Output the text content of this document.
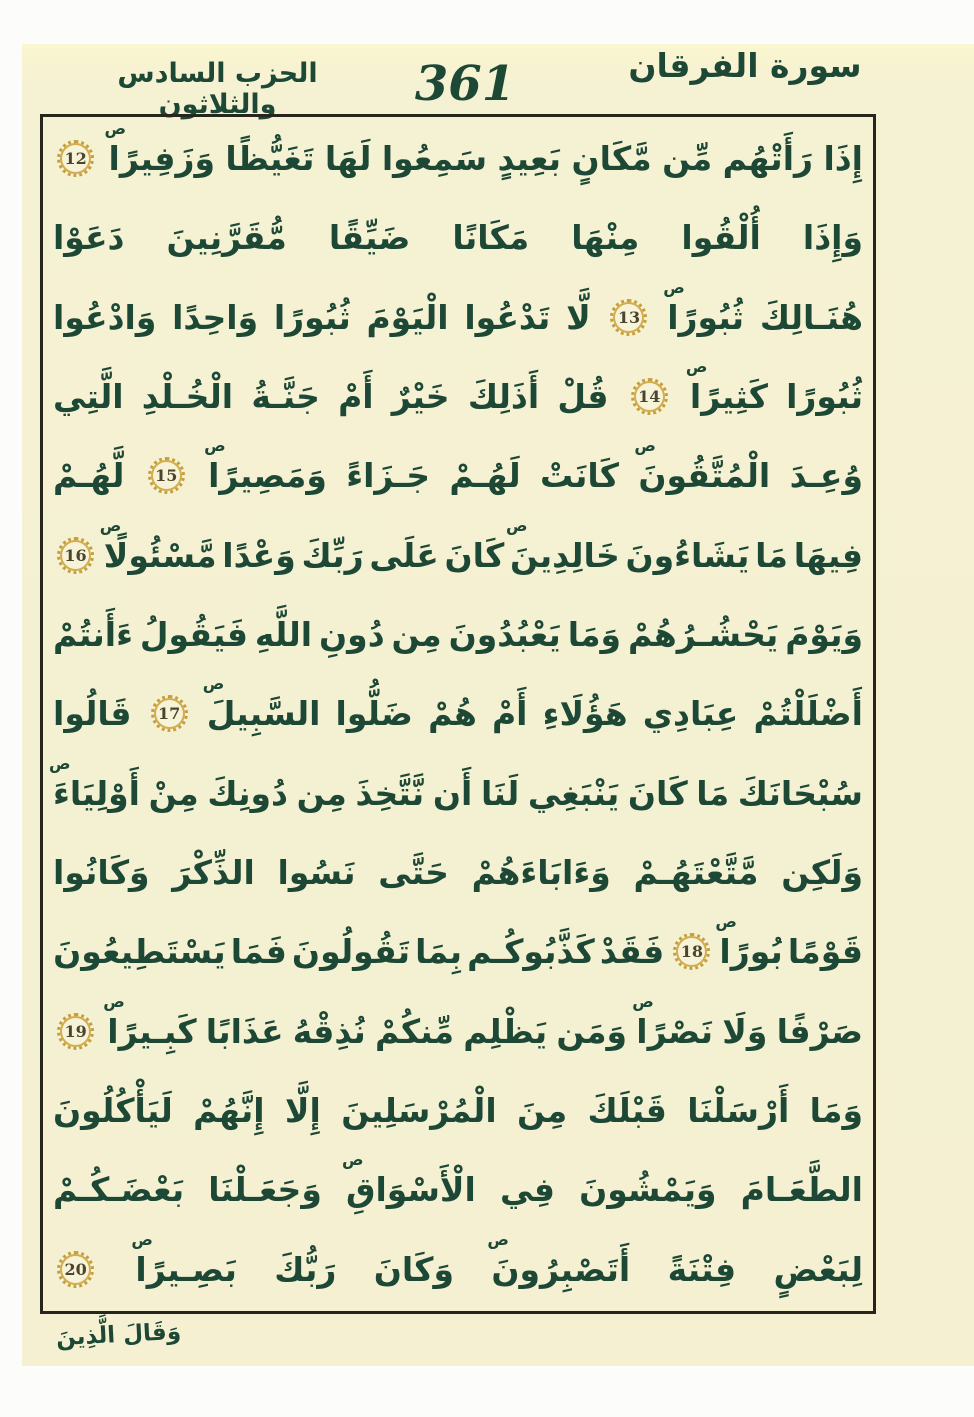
الحزب السادس والثلاثون	361	سورة الفرقان
إِذَا
رَأَتْهُم
مِّن
مَّكَانٍ
بَعِيدٍ
سَمِعُوا
لَهَا
تَغَيُّظًا
وَزَفِيرًا
ص
12
وَإِذَا
أُلْقُوا
مِنْهَا
مَكَانًا
ضَيِّقًا
مُّقَرَّنِينَ
دَعَوْا
هُنَـالِكَ
ثُبُورًا
ص
13
لَّا
تَدْعُوا
الْيَوْمَ
ثُبُورًا
وَاحِدًا
وَادْعُوا
ثُبُورًا
كَثِيرًا
ص
14
قُلْ
أَذَلِكَ
خَيْرٌ
أَمْ
جَنَّـةُ
الْخُـلْدِ
الَّتِي
وُعِـدَ
الْمُتَّقُونَ
ص
كَانَتْ
لَهُـمْ
جَـزَاءً
وَمَصِيرًا
ص
15
لَّهُـمْ
فِيهَا
مَا
يَشَاءُونَ
خَالِدِينَ
ص
كَانَ
عَلَى
رَبِّكَ
وَعْدًا
مَّسْئُولًا
ص
16
وَيَوْمَ
يَحْشُـرُهُمْ
وَمَا
يَعْبُدُونَ
مِن
دُونِ
اللَّهِ
فَيَقُولُ
ءَأَنتُمْ
أَضْلَلْتُمْ
عِبَادِي
هَؤُلَاءِ
أَمْ
هُمْ
ضَلُّوا
السَّبِيلَ
ص
17
قَالُوا
سُبْحَانَكَ
مَا
كَانَ
يَنْبَغِي
لَنَا
أَن
نَّتَّخِذَ
مِن
دُونِكَ
مِنْ
أَوْلِيَاءَ
ص
وَلَكِن
مَّتَّعْتَهُـمْ
وَءَابَاءَهُمْ
حَتَّى
نَسُوا
الذِّكْرَ
وَكَانُوا
قَوْمًا
بُورًا
ص
18
فَقَدْ
كَذَّبُوكُـم
بِمَا
تَقُولُونَ
فَمَا
يَسْتَطِيعُونَ
صَرْفًا
وَلَا
نَصْرًا
ص
وَمَن
يَظْلِم
مِّنكُمْ
نُذِقْهُ
عَذَابًا
كَبِـيرًا
ص
19
وَمَا
أَرْسَلْنَا
قَبْلَكَ
مِنَ
الْمُرْسَلِينَ
إِلَّا
إِنَّهُمْ
لَيَأْكُلُونَ
الطَّعَـامَ
وَيَمْشُونَ
فِي
الْأَسْوَاقِ
ص
وَجَعَـلْنَا
بَعْضَـكُـمْ
لِبَعْضٍ
فِتْنَةً
أَتَصْبِرُونَ
ص
وَكَانَ
رَبُّكَ
بَصِـيرًا
ص
20
وَقَالَ الَّذِينَ
